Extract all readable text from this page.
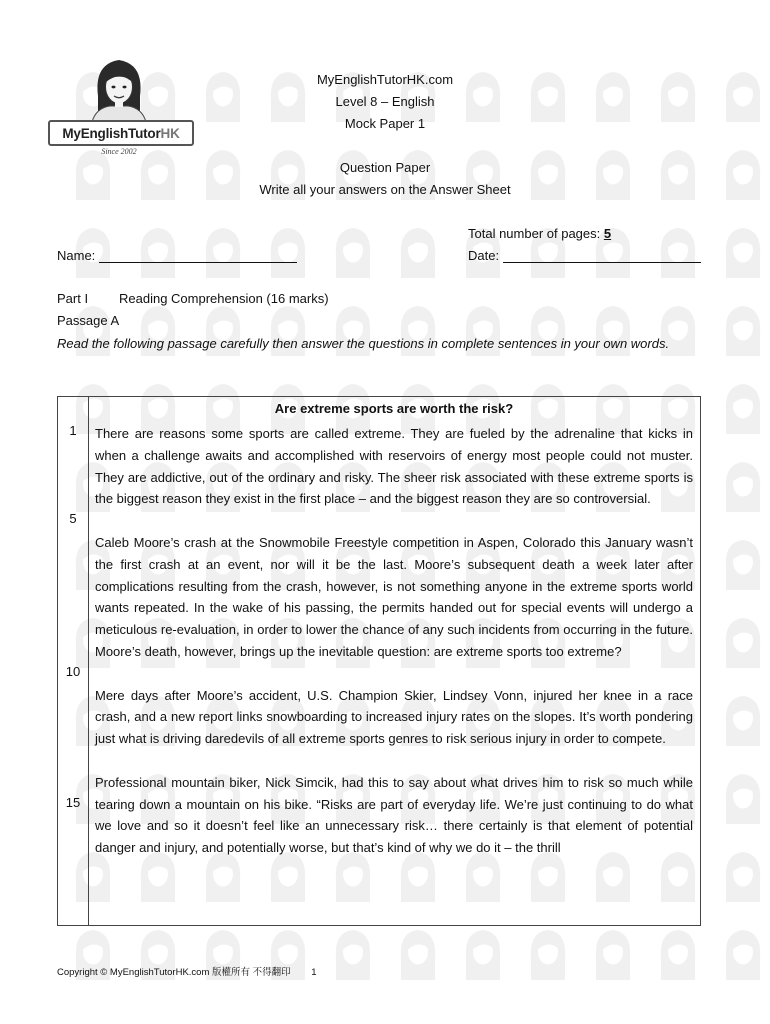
MyEnglishTutor HK
Since 2002
MyEnglishTutorHK.com
Level 8 – English
Mock Paper 1
Question Paper
Write all your answers on the Answer Sheet
Total number of pages: 5
Name:	Date:
Part I Reading Comprehension (16 marks)
Passage A
Read the following passage carefully then answer the questions in complete sentences in your own words.
1
5
10
15
Are extreme sports are worth the risk?

There are reasons some sports are called extreme. They are fueled by the adrenaline that kicks in when a challenge awaits and accomplished with reservoirs of energy most people could not muster. They are addictive, out of the ordinary and risky. The sheer risk associated with these extreme sports is the biggest reason they exist in the first place – and the biggest reason they are so controversial.

Caleb Moore’s crash at the Snowmobile Freestyle competition in Aspen, Colorado this January wasn’t the first crash at an event, nor will it be the last. Moore’s subsequent death a week later after complications resulting from the crash, however, is not something anyone in the extreme sports world wants repeated. In the wake of his passing, the permits handed out for special events will undergo a meticulous re-evaluation, in order to lower the chance of any such incidents from occurring in the future. Moore’s death, however, brings up the inevitable question: are extreme sports too extreme?

Mere days after Moore’s accident, U.S. Champion Skier, Lindsey Vonn, injured her knee in a race crash, and a new report links snowboarding to increased injury rates on the slopes. It’s worth pondering just what is driving daredevils of all extreme sports genres to risk serious injury in order to compete.

Professional mountain biker, Nick Simcik, had this to say about what drives him to risk so much while tearing down a mountain on his bike. “Risks are part of everyday life. We’re just continuing to do what we love and so it doesn’t feel like an unnecessary risk… there certainly is that element of potential danger and injury, and potentially worse, but that’s kind of why we do it – the thrill

Copyright © MyEnglishTutorHK.com 版權所有 不得翻印 1
